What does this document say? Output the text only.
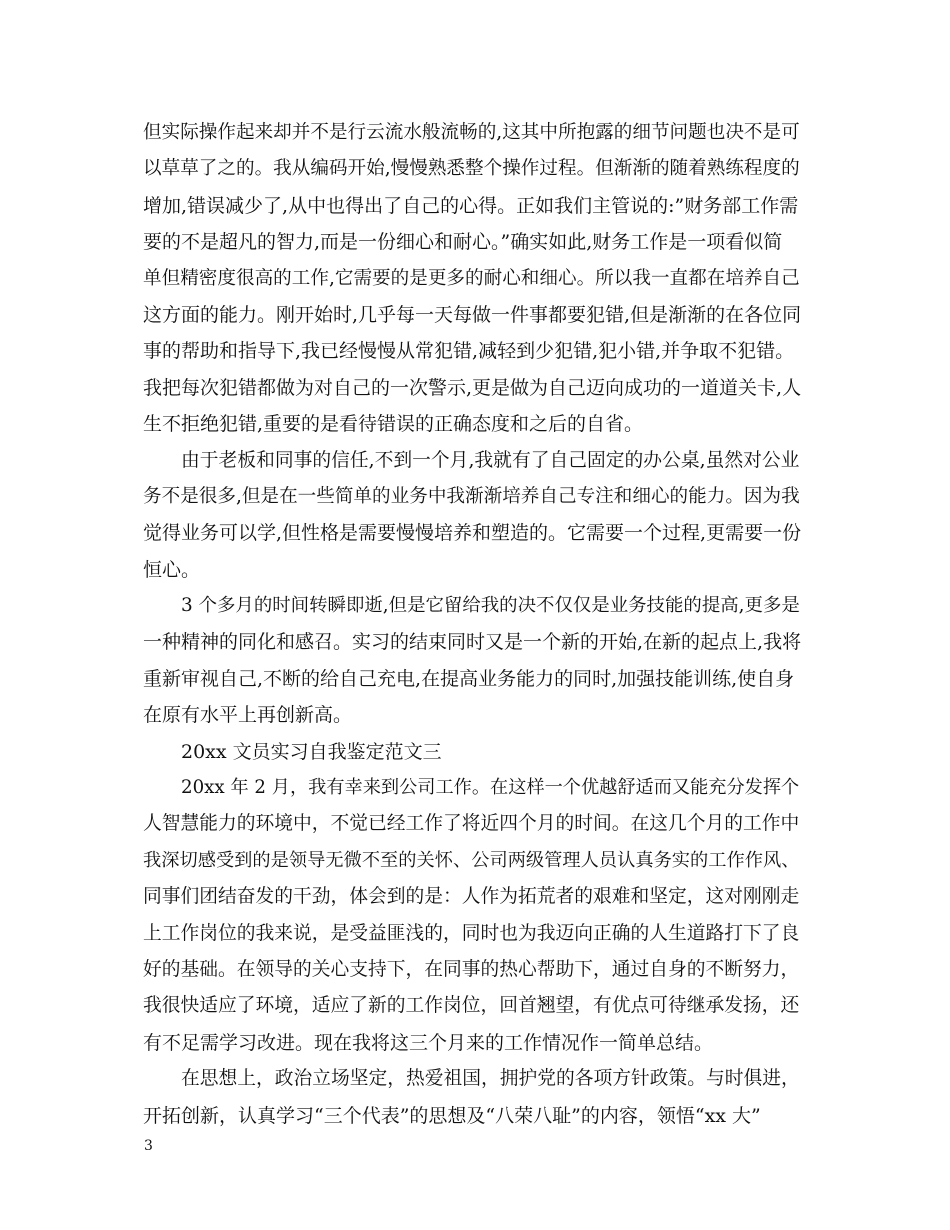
但实际操作起来却并不是行云流水般流畅的,这其中所抱露的细节问题也决不是可
以草草了之的。我从编码开始,慢慢熟悉整个操作过程。但渐渐的随着熟练程度的
增加,错误减少了,从中也得出了自己的心得。正如我们主管说的:”财务部工作需
要的不是超凡的智力,而是一份细心和耐心。”确实如此,财务工作是一项看似简
单但精密度很高的工作,它需要的是更多的耐心和细心。所以我一直都在培养自己
这方面的能力。刚开始时,几乎每一天每做一件事都要犯错,但是渐渐的在各位同
事的帮助和指导下,我已经慢慢从常犯错,减轻到少犯错,犯小错,并争取不犯错。
我把每次犯错都做为对自己的一次警示,更是做为自己迈向成功的一道道关卡,人
生不拒绝犯错,重要的是看待错误的正确态度和之后的自省。
由于老板和同事的信任,不到一个月,我就有了自己固定的办公桌,虽然对公业
务不是很多,但是在一些简单的业务中我渐渐培养自己专注和细心的能力。因为我
觉得业务可以学,但性格是需要慢慢培养和塑造的。它需要一个过程,更需要一份
恒心。
3 个多月的时间转瞬即逝,但是它留给我的决不仅仅是业务技能的提高,更多是
一种精神的同化和感召。实习的结束同时又是一个新的开始,在新的起点上,我将
重新审视自己,不断的给自己充电,在提高业务能力的同时,加强技能训练,使自身
在原有水平上再创新高。
20xx 文员实习自我鉴定范文三
20xx 年 2 月，我有幸来到公司工作。在这样一个优越舒适而又能充分发挥个
人智慧能力的环境中，不觉已经工作了将近四个月的时间。在这几个月的工作中
我深切感受到的是领导无微不至的关怀、公司两级管理人员认真务实的工作作风、
同事们团结奋发的干劲，体会到的是：人作为拓荒者的艰难和坚定，这对刚刚走
上工作岗位的我来说，是受益匪浅的，同时也为我迈向正确的人生道路打下了良
好的基础。在领导的关心支持下，在同事的热心帮助下，通过自身的不断努力，
我很快适应了环境，适应了新的工作岗位，回首翘望，有优点可待继承发扬，还
有不足需学习改进。现在我将这三个月来的工作情况作一简单总结。
在思想上，政治立场坚定，热爱祖国，拥护党的各项方针政策。与时俱进，
开拓创新，认真学习“三个代表”的思想及“八荣八耻”的内容，领悟“xx 大”
3
